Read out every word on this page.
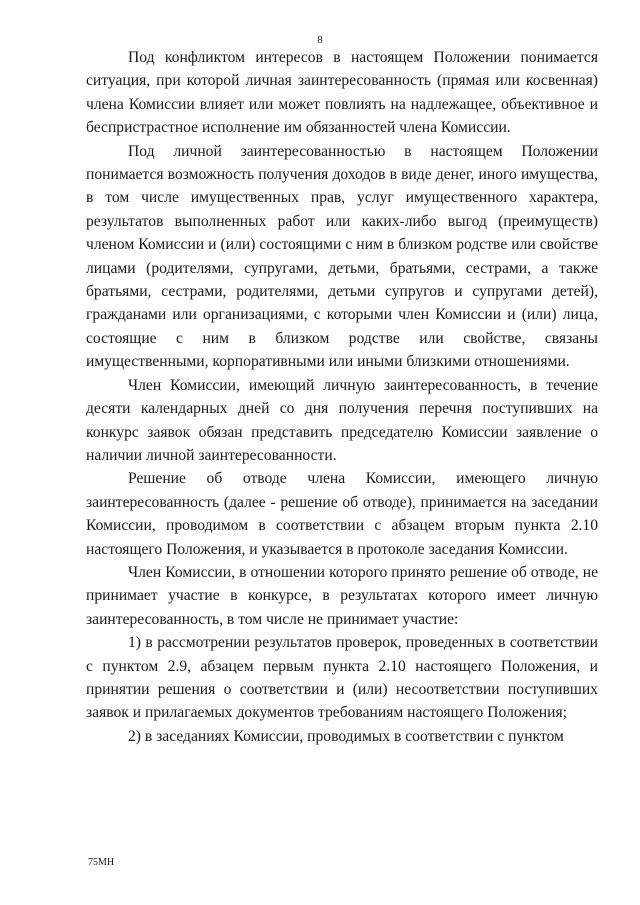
8

Под конфликтом интересов в настоящем Положении понимается ситуация, при которой личная заинтересованность (прямая или косвенная) члена Комиссии влияет или может повлиять на надлежащее, объективное и беспристрастное исполнение им обязанностей члена Комиссии.

Под личной заинтересованностью в настоящем Положении понимается возможность получения доходов в виде денег, иного имущества, в том числе имущественных прав, услуг имущественного характера, результатов выполненных работ или каких-либо выгод (преимуществ) членом Комиссии и (или) состоящими с ним в близком родстве или свойстве лицами (родителями, супругами, детьми, братьями, сестрами, а также братьями, сестрами, родителями, детьми супругов и супругами детей), гражданами или организациями, с которыми член Комиссии и (или) лица, состоящие с ним в близком родстве или свойстве, связаны имущественными, корпоративными или иными близкими отношениями.

Член Комиссии, имеющий личную заинтересованность, в течение десяти календарных дней со дня получения перечня поступивших на конкурс заявок обязан представить председателю Комиссии заявление о наличии личной заинтересованности.

Решение об отводе члена Комиссии, имеющего личную заинтересованность (далее - решение об отводе), принимается на заседании Комиссии, проводимом в соответствии с абзацем вторым пункта 2.10 настоящего Положения, и указывается в протоколе заседания Комиссии.

Член Комиссии, в отношении которого принято решение об отводе, не принимает участие в конкурсе, в результатах которого имеет личную заинтересованность, в том числе не принимает участие:

1) в рассмотрении результатов проверок, проведенных в соответствии с пунктом 2.9, абзацем первым пункта 2.10 настоящего Положения, и принятии решения о соответствии и (или) несоответствии поступивших заявок и прилагаемых документов требованиям настоящего Положения;

2) в заседаниях Комиссии, проводимых в соответствии с пунктом

75МН
